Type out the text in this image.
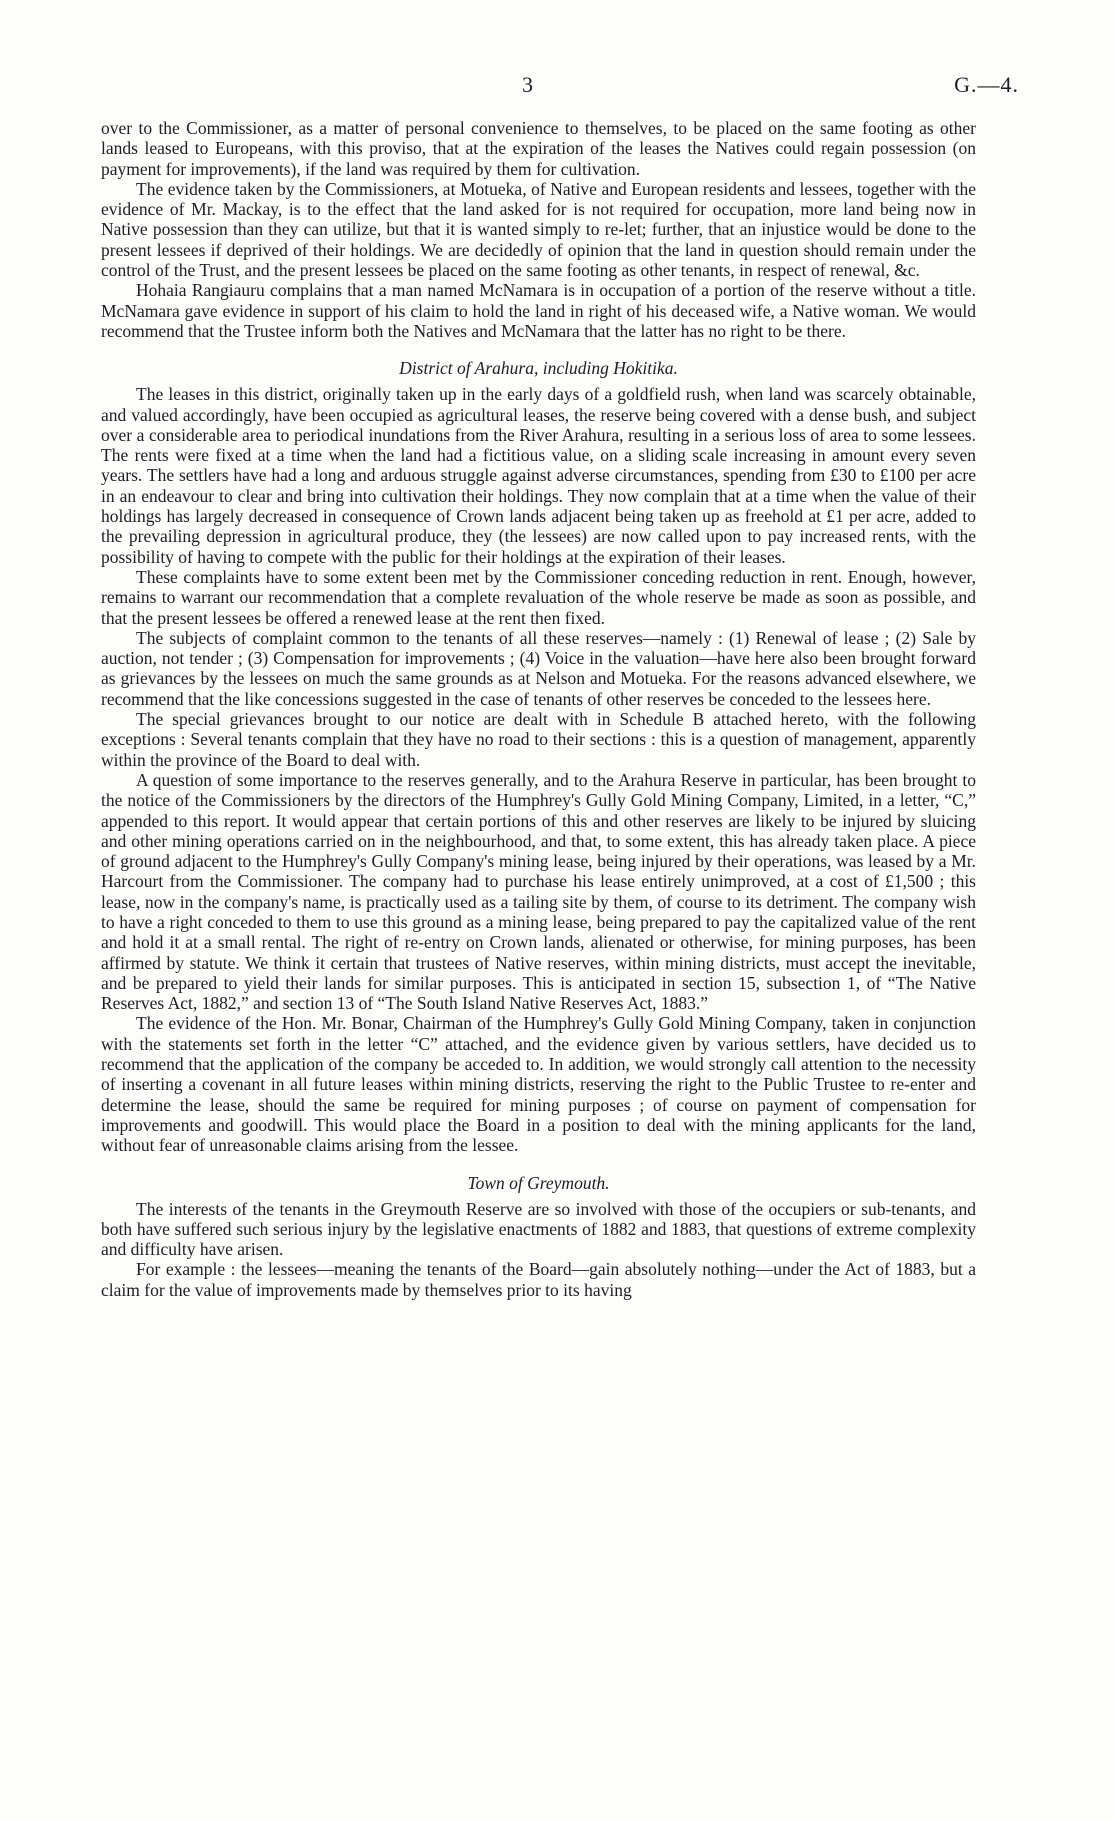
3	G.—4.

over to the Commissioner, as a matter of personal convenience to themselves, to be placed on the same footing as other lands leased to Europeans, with this proviso, that at the expiration of the leases the Natives could regain possession (on payment for improvements), if the land was required by them for cultivation.

The evidence taken by the Commissioners, at Motueka, of Native and European residents and lessees, together with the evidence of Mr. Mackay, is to the effect that the land asked for is not required for occupation, more land being now in Native possession than they can utilize, but that it is wanted simply to re-let; further, that an injustice would be done to the present lessees if deprived of their holdings. We are decidedly of opinion that the land in question should remain under the control of the Trust, and the present lessees be placed on the same footing as other tenants, in respect of renewal, &c.

Hohaia Rangiauru complains that a man named McNamara is in occupation of a portion of the reserve without a title. McNamara gave evidence in support of his claim to hold the land in right of his deceased wife, a Native woman. We would recommend that the Trustee inform both the Natives and McNamara that the latter has no right to be there.

District of Arahura, including Hokitika.

The leases in this district, originally taken up in the early days of a goldfield rush, when land was scarcely obtainable, and valued accordingly, have been occupied as agricultural leases, the reserve being covered with a dense bush, and subject over a considerable area to periodical inundations from the River Arahura, resulting in a serious loss of area to some lessees. The rents were fixed at a time when the land had a fictitious value, on a sliding scale increasing in amount every seven years. The settlers have had a long and arduous struggle against adverse circumstances, spending from £30 to £100 per acre in an endeavour to clear and bring into cultivation their holdings. They now complain that at a time when the value of their holdings has largely decreased in consequence of Crown lands adjacent being taken up as freehold at £1 per acre, added to the prevailing depression in agricultural produce, they (the lessees) are now called upon to pay increased rents, with the possibility of having to compete with the public for their holdings at the expiration of their leases.

These complaints have to some extent been met by the Commissioner conceding reduction in rent. Enough, however, remains to warrant our recommendation that a complete revaluation of the whole reserve be made as soon as possible, and that the present lessees be offered a renewed lease at the rent then fixed.

The subjects of complaint common to the tenants of all these reserves—namely : (1) Renewal of lease ; (2) Sale by auction, not tender ; (3) Compensation for improvements ; (4) Voice in the valuation—have here also been brought forward as grievances by the lessees on much the same grounds as at Nelson and Motueka. For the reasons advanced elsewhere, we recommend that the like concessions suggested in the case of tenants of other reserves be conceded to the lessees here.

The special grievances brought to our notice are dealt with in Schedule B attached hereto, with the following exceptions : Several tenants complain that they have no road to their sections : this is a question of management, apparently within the province of the Board to deal with.

A question of some importance to the reserves generally, and to the Arahura Reserve in particular, has been brought to the notice of the Commissioners by the directors of the Humphrey's Gully Gold Mining Company, Limited, in a letter, “C,” appended to this report. It would appear that certain portions of this and other reserves are likely to be injured by sluicing and other mining operations carried on in the neighbourhood, and that, to some extent, this has already taken place. A piece of ground adjacent to the Humphrey's Gully Company's mining lease, being injured by their operations, was leased by a Mr. Harcourt from the Commissioner. The company had to purchase his lease entirely unimproved, at a cost of £1,500 ; this lease, now in the company's name, is practically used as a tailing site by them, of course to its detriment. The company wish to have a right conceded to them to use this ground as a mining lease, being prepared to pay the capitalized value of the rent and hold it at a small rental. The right of re-entry on Crown lands, alienated or otherwise, for mining purposes, has been affirmed by statute. We think it certain that trustees of Native reserves, within mining districts, must accept the inevitable, and be prepared to yield their lands for similar purposes. This is anticipated in section 15, subsection 1, of “The Native Reserves Act, 1882,” and section 13 of “The South Island Native Reserves Act, 1883.”

The evidence of the Hon. Mr. Bonar, Chairman of the Humphrey's Gully Gold Mining Company, taken in conjunction with the statements set forth in the letter “C” attached, and the evidence given by various settlers, have decided us to recommend that the application of the company be acceded to. In addition, we would strongly call attention to the necessity of inserting a covenant in all future leases within mining districts, reserving the right to the Public Trustee to re-enter and determine the lease, should the same be required for mining purposes ; of course on payment of compensation for improvements and goodwill. This would place the Board in a position to deal with the mining applicants for the land, without fear of unreasonable claims arising from the lessee.

Town of Greymouth.

The interests of the tenants in the Greymouth Reserve are so involved with those of the occupiers or sub-tenants, and both have suffered such serious injury by the legislative enactments of 1882 and 1883, that questions of extreme complexity and difficulty have arisen.

For example : the lessees—meaning the tenants of the Board—gain absolutely nothing—under the Act of 1883, but a claim for the value of improvements made by themselves prior to its having
